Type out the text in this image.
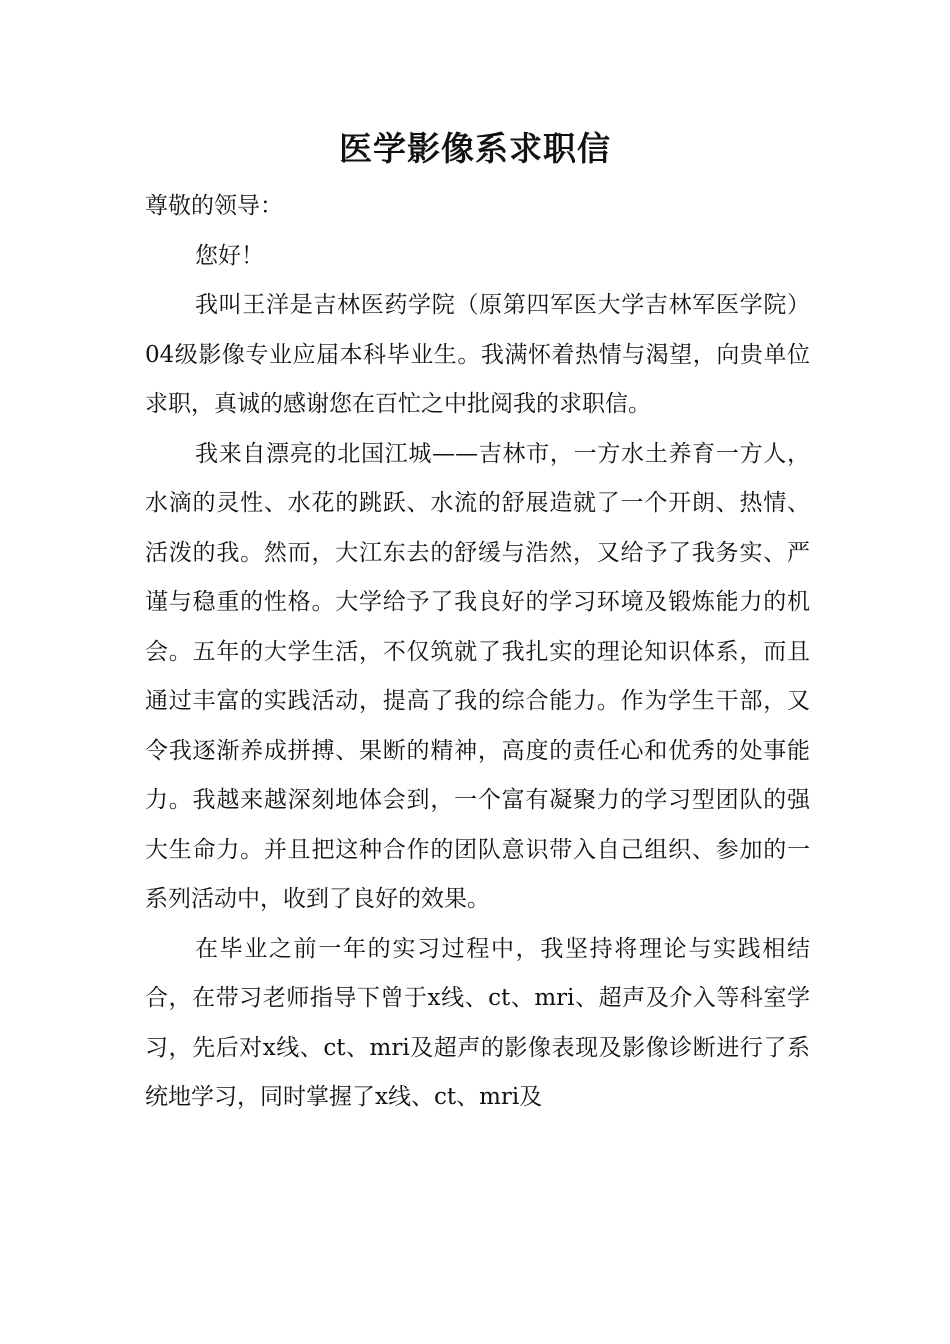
医学影像系求职信

尊敬的领导：

您好！

我叫王洋是吉林医药学院（原第四军医大学吉林军医学院）04级影像专业应届本科毕业生。我满怀着热情与渴望，向贵单位求职，真诚的感谢您在百忙之中批阅我的求职信。

我来自漂亮的北国江城——吉林市，一方水土养育一方人，水滴的灵性、水花的跳跃、水流的舒展造就了一个开朗、热情、活泼的我。然而，大江东去的舒缓与浩然，又给予了我务实、严谨与稳重的性格。大学给予了我良好的学习环境及锻炼能力的机会。五年的大学生活，不仅筑就了我扎实的理论知识体系，而且通过丰富的实践活动，提高了我的综合能力。作为学生干部，又令我逐渐养成拼搏、果断的精神，高度的责任心和优秀的处事能力。我越来越深刻地体会到，一个富有凝聚力的学习型团队的强大生命力。并且把这种合作的团队意识带入自己组织、参加的一系列活动中，收到了良好的效果。

在毕业之前一年的实习过程中，我坚持将理论与实践相结合，在带习老师指导下曾于x线、ct、mri、超声及介入等科室学习，先后对x线、ct、mri及超声的影像表现及影像诊断进行了系统地学习，同时掌握了x线、ct、mri及
